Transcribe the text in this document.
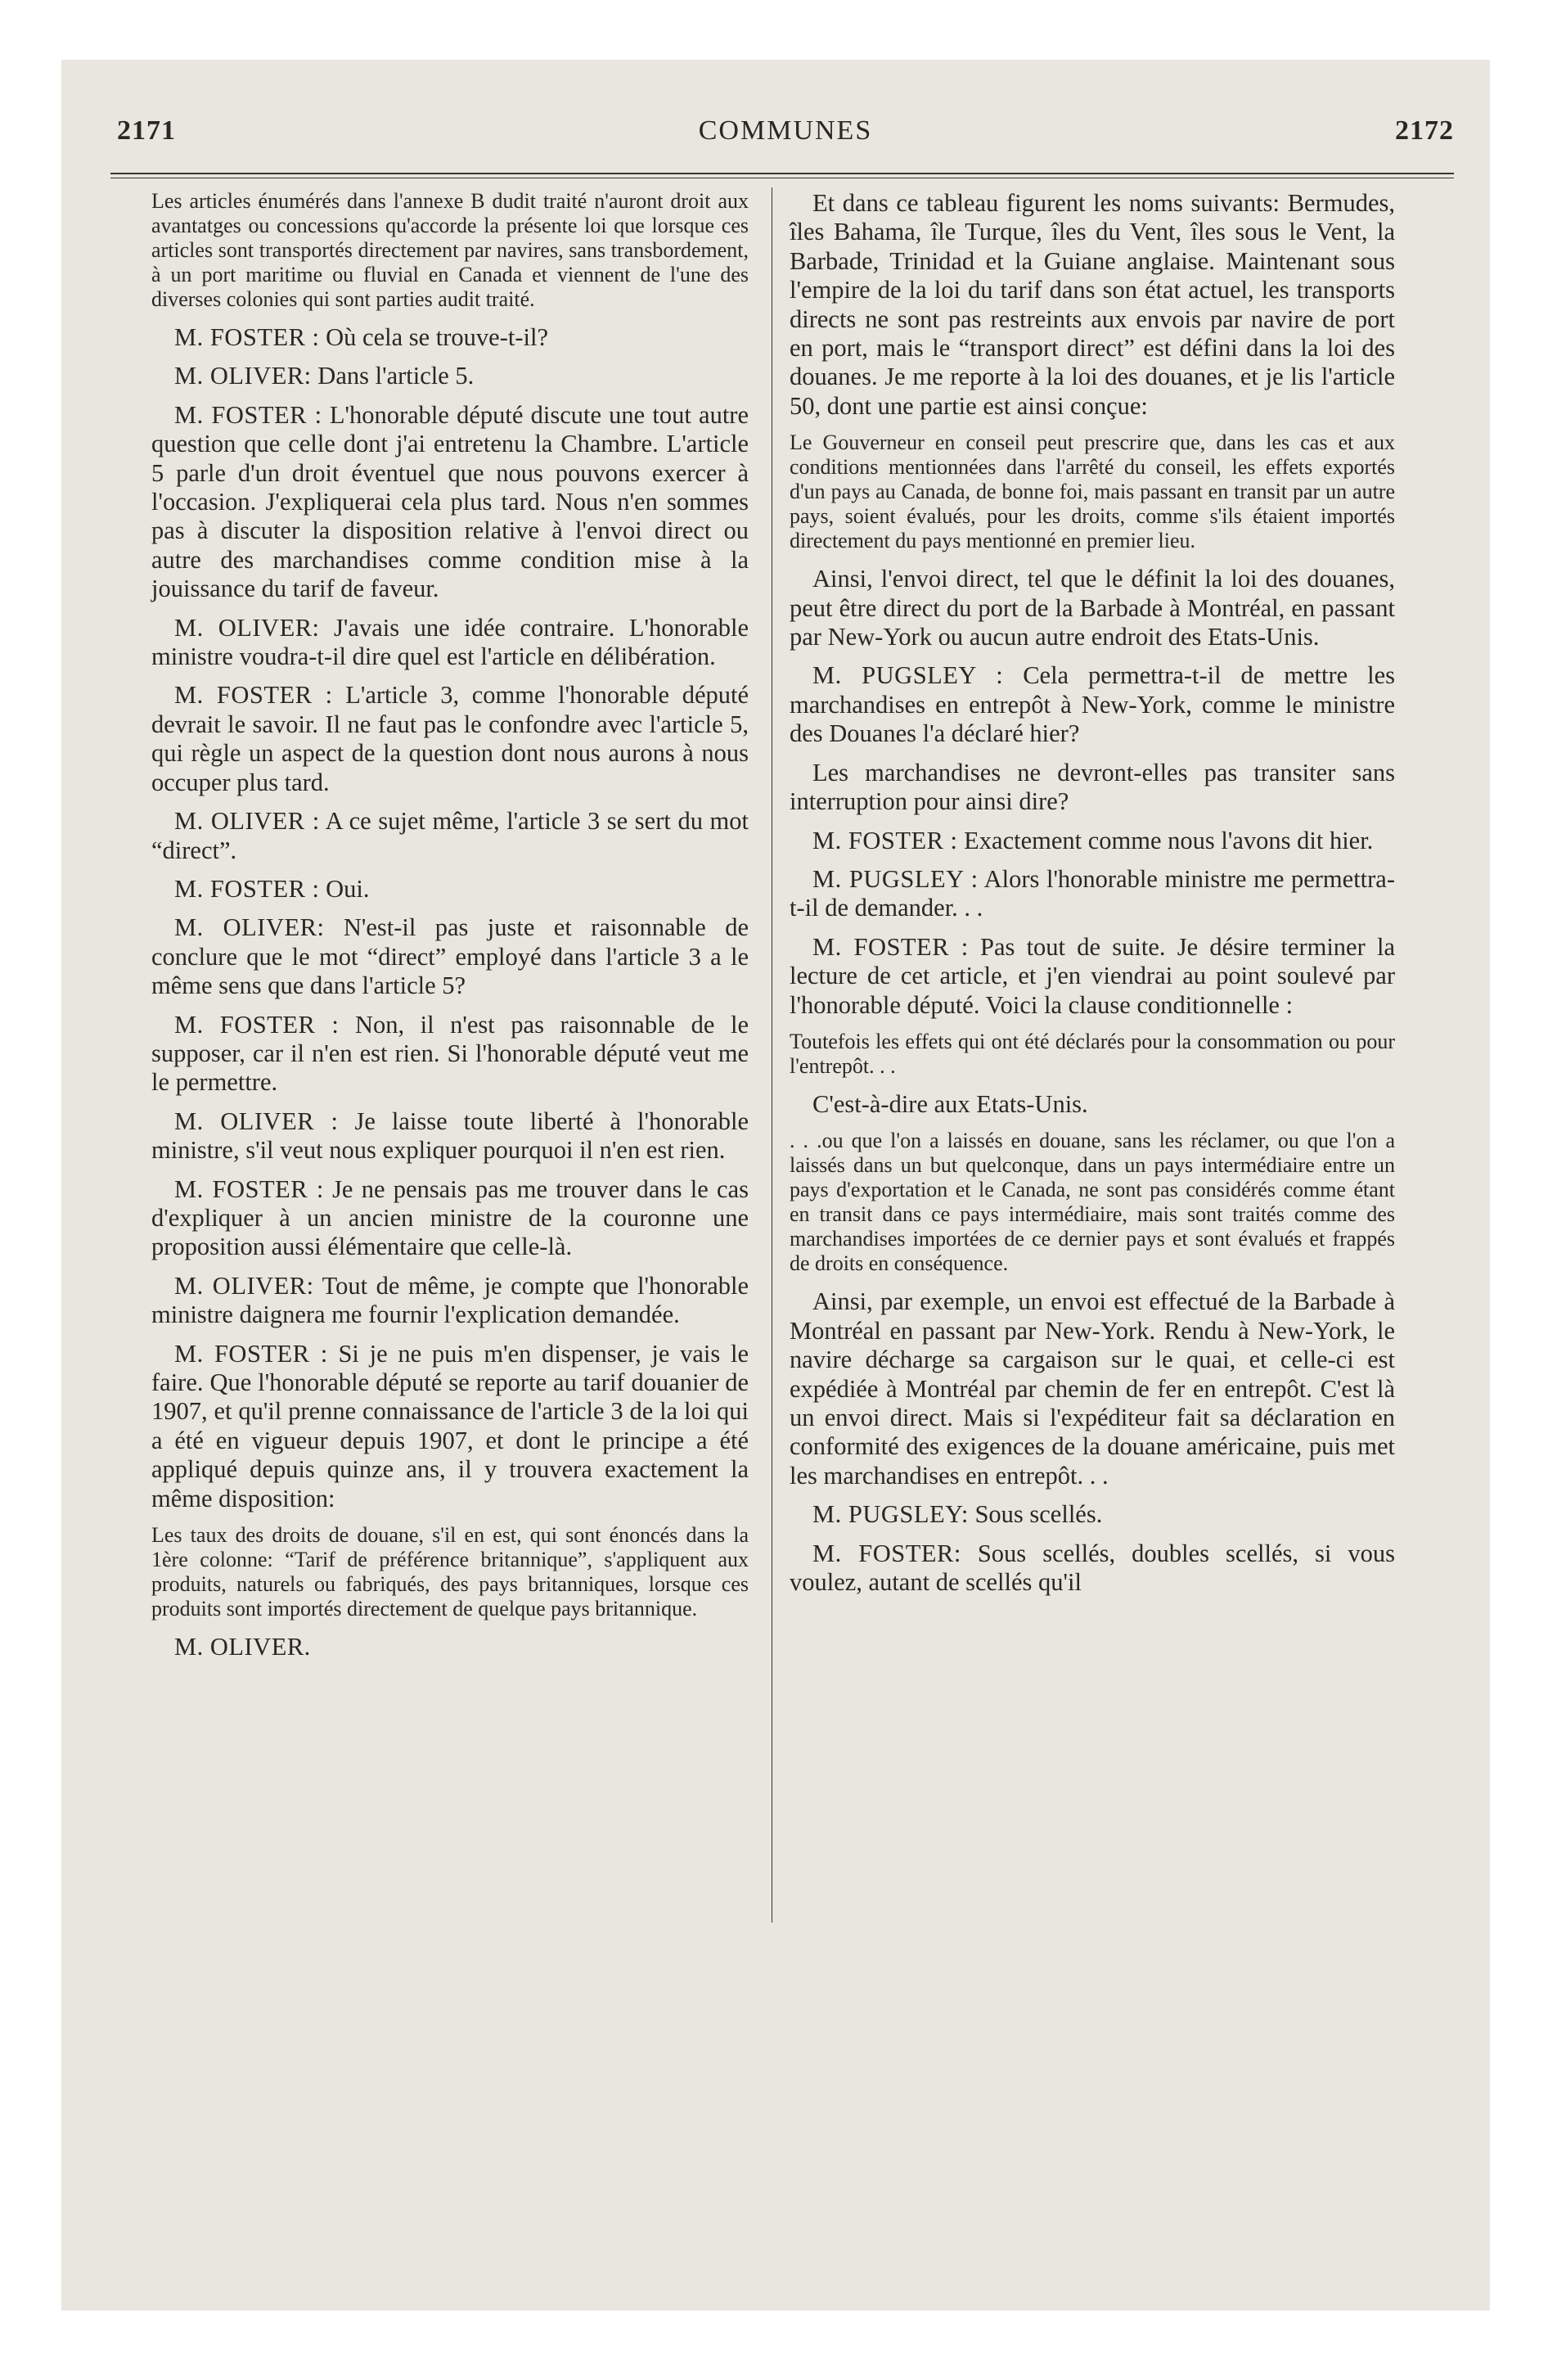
2171	COMMUNES	2172

Les articles énumérés dans l'annexe B dudit traité n'auront droit aux avantatges ou concessions qu'accorde la présente loi que lorsque ces articles sont transportés directement par navires, sans transbordement, à un port maritime ou fluvial en Canada et viennent de l'une des diverses colonies qui sont parties audit traité.

M. FOSTER : Où cela se trouve-t-il?

M. OLIVER: Dans l'article 5.

M. FOSTER : L'honorable député discute une tout autre question que celle dont j'ai entretenu la Chambre. L'article 5 parle d'un droit éventuel que nous pouvons exercer à l'occasion. J'expliquerai cela plus tard. Nous n'en sommes pas à discuter la disposition relative à l'envoi direct ou autre des marchandises comme condition mise à la jouissance du tarif de faveur.

M. OLIVER: J'avais une idée contraire. L'honorable ministre voudra-t-il dire quel est l'article en délibération.

M. FOSTER : L'article 3, comme l'honorable député devrait le savoir. Il ne faut pas le confondre avec l'article 5, qui règle un aspect de la question dont nous aurons à nous occuper plus tard.

M. OLIVER : A ce sujet même, l'article 3 se sert du mot “direct”.

M. FOSTER : Oui.

M. OLIVER: N'est-il pas juste et raisonnable de conclure que le mot “direct” employé dans l'article 3 a le même sens que dans l'article 5?

M. FOSTER : Non, il n'est pas raisonnable de le supposer, car il n'en est rien. Si l'honorable député veut me le permettre.

M. OLIVER : Je laisse toute liberté à l'honorable ministre, s'il veut nous expliquer pourquoi il n'en est rien.

M. FOSTER : Je ne pensais pas me trouver dans le cas d'expliquer à un ancien ministre de la couronne une proposition aussi élémentaire que celle-là.

M. OLIVER: Tout de même, je compte que l'honorable ministre daignera me fournir l'explication demandée.

M. FOSTER : Si je ne puis m'en dispenser, je vais le faire. Que l'honorable député se reporte au tarif douanier de 1907, et qu'il prenne connaissance de l'article 3 de la loi qui a été en vigueur depuis 1907, et dont le principe a été appliqué depuis quinze ans, il y trouvera exactement la même disposition:

Les taux des droits de douane, s'il en est, qui sont énoncés dans la 1ère colonne: “Tarif de préférence britannique”, s'appliquent aux produits, naturels ou fabriqués, des pays britanniques, lorsque ces produits sont importés directement de quelque pays britannique.

M. OLIVER.

Et dans ce tableau figurent les noms suivants: Bermudes, îles Bahama, île Turque, îles du Vent, îles sous le Vent, la Barbade, Trinidad et la Guiane anglaise. Maintenant sous l'empire de la loi du tarif dans son état actuel, les transports directs ne sont pas restreints aux envois par navire de port en port, mais le “transport direct” est défini dans la loi des douanes. Je me reporte à la loi des douanes, et je lis l'article 50, dont une partie est ainsi conçue:

Le Gouverneur en conseil peut prescrire que, dans les cas et aux conditions mentionnées dans l'arrêté du conseil, les effets exportés d'un pays au Canada, de bonne foi, mais passant en transit par un autre pays, soient évalués, pour les droits, comme s'ils étaient importés directement du pays mentionné en premier lieu.

Ainsi, l'envoi direct, tel que le définit la loi des douanes, peut être direct du port de la Barbade à Montréal, en passant par New-York ou aucun autre endroit des Etats-Unis.

M. PUGSLEY : Cela permettra-t-il de mettre les marchandises en entrepôt à New-York, comme le ministre des Douanes l'a déclaré hier?

Les marchandises ne devront-elles pas transiter sans interruption pour ainsi dire?

M. FOSTER : Exactement comme nous l'avons dit hier.

M. PUGSLEY : Alors l'honorable ministre me permettra-t-il de demander. . .

M. FOSTER : Pas tout de suite. Je désire terminer la lecture de cet article, et j'en viendrai au point soulevé par l'honorable député. Voici la clause conditionnelle :

Toutefois les effets qui ont été déclarés pour la consommation ou pour l'entrepôt. . .

C'est-à-dire aux Etats-Unis.

. . .ou que l'on a laissés en douane, sans les réclamer, ou que l'on a laissés dans un but quelconque, dans un pays intermédiaire entre un pays d'exportation et le Canada, ne sont pas considérés comme étant en transit dans ce pays intermédiaire, mais sont traités comme des marchandises importées de ce dernier pays et sont évalués et frappés de droits en conséquence.

Ainsi, par exemple, un envoi est effectué de la Barbade à Montréal en passant par New-York. Rendu à New-York, le navire décharge sa cargaison sur le quai, et celle-ci est expédiée à Montréal par chemin de fer en entrepôt. C'est là un envoi direct. Mais si l'expéditeur fait sa déclaration en conformité des exigences de la douane américaine, puis met les marchandises en entrepôt. . .

M. PUGSLEY: Sous scellés.

M. FOSTER: Sous scellés, doubles scellés, si vous voulez, autant de scellés qu'il
